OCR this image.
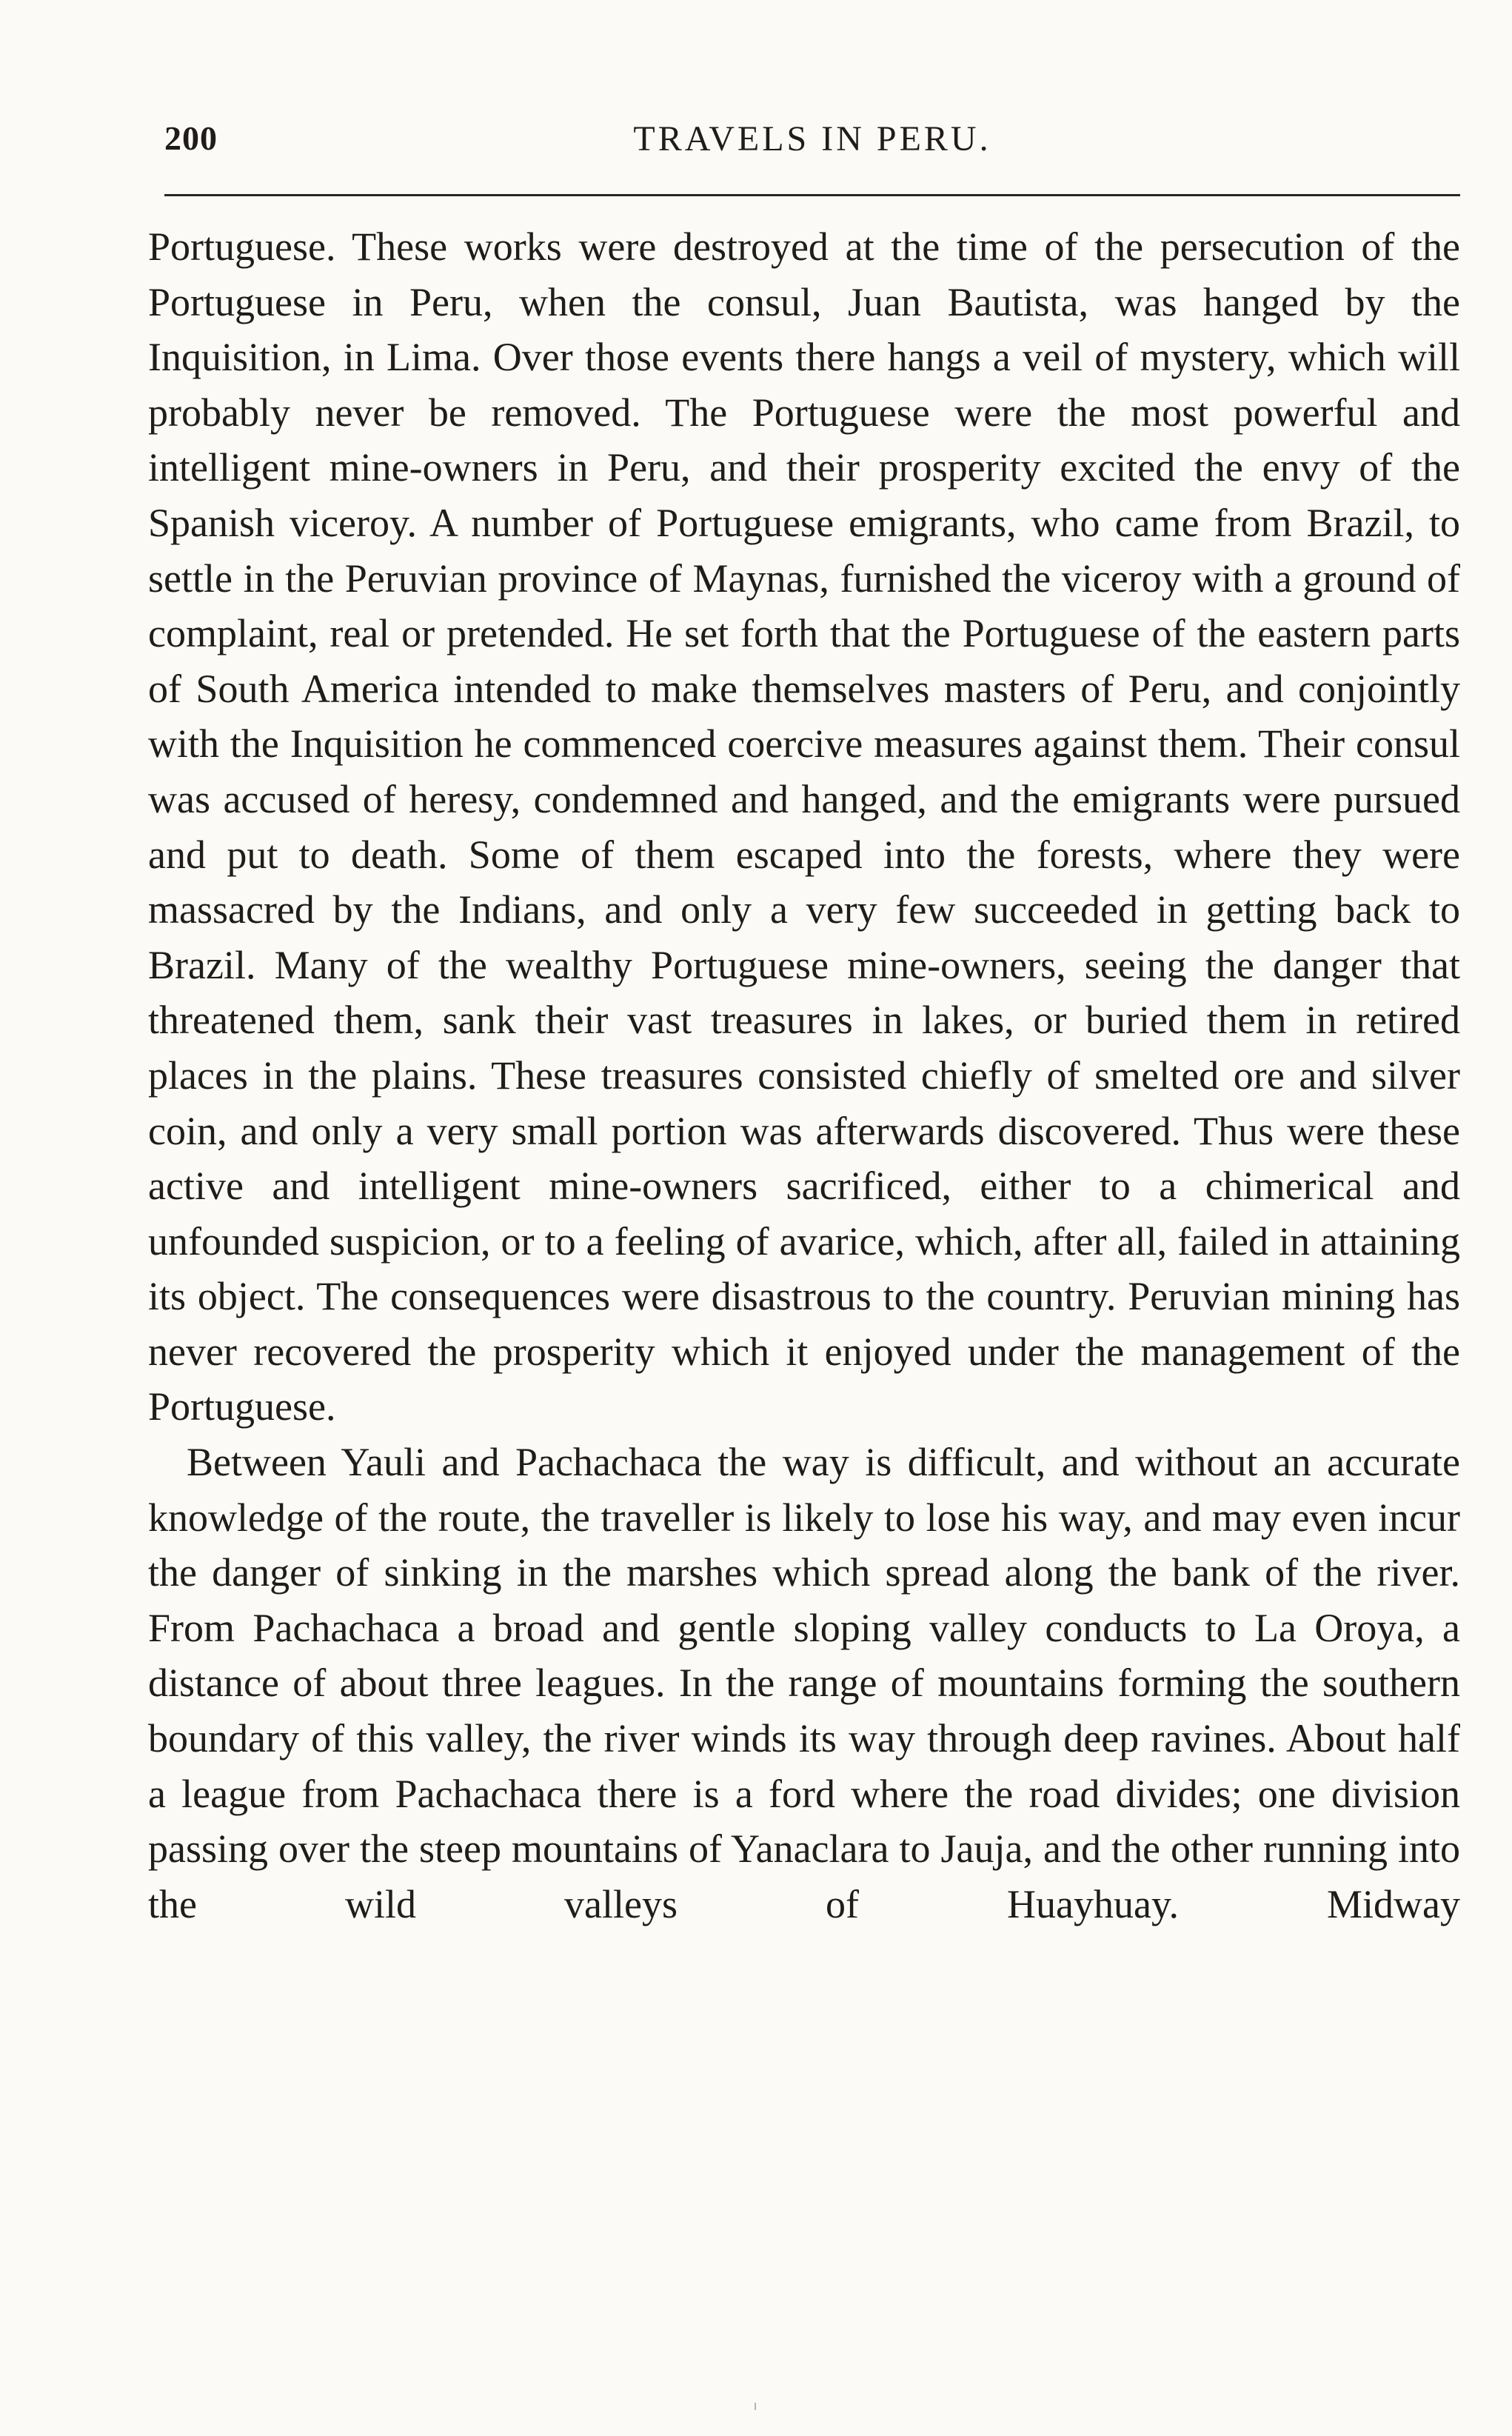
200	TRAVELS IN PERU.

Portuguese. These works were destroyed at the time of the persecution of the Portuguese in Peru, when the consul, Juan Bautista, was hanged by the Inquisition, in Lima. Over those events there hangs a veil of mystery, which will probably never be removed. The Portuguese were the most powerful and intelligent mine-owners in Peru, and their prosperity excited the envy of the Spanish viceroy. A number of Portuguese emigrants, who came from Brazil, to settle in the Peruvian province of Maynas, furnished the viceroy with a ground of complaint, real or pretended. He set forth that the Portuguese of the eastern parts of South America intended to make themselves masters of Peru, and conjointly with the Inquisition he commenced coercive measures against them. Their consul was accused of heresy, condemned and hanged, and the emigrants were pursued and put to death. Some of them escaped into the forests, where they were massacred by the Indians, and only a very few succeeded in getting back to Brazil. Many of the wealthy Portuguese mine-owners, seeing the danger that threatened them, sank their vast treasures in lakes, or buried them in retired places in the plains. These treasures consisted chiefly of smelted ore and silver coin, and only a very small portion was afterwards discovered. Thus were these active and intelligent mine-owners sacrificed, either to a chimerical and unfounded suspicion, or to a feeling of avarice, which, after all, failed in attaining its object. The consequences were disastrous to the country. Peruvian mining has never recovered the prosperity which it enjoyed under the management of the Portuguese.

Between Yauli and Pachachaca the way is difficult, and without an accurate knowledge of the route, the traveller is likely to lose his way, and may even incur the danger of sinking in the marshes which spread along the bank of the river. From Pachachaca a broad and gentle sloping valley conducts to La Oroya, a distance of about three leagues. In the range of mountains forming the southern boundary of this valley, the river winds its way through deep ravines. About half a league from Pachachaca there is a ford where the road divides; one division passing over the steep mountains of Yanaclara to Jauja, and the other running into the wild valleys of Huayhuay. Midway
